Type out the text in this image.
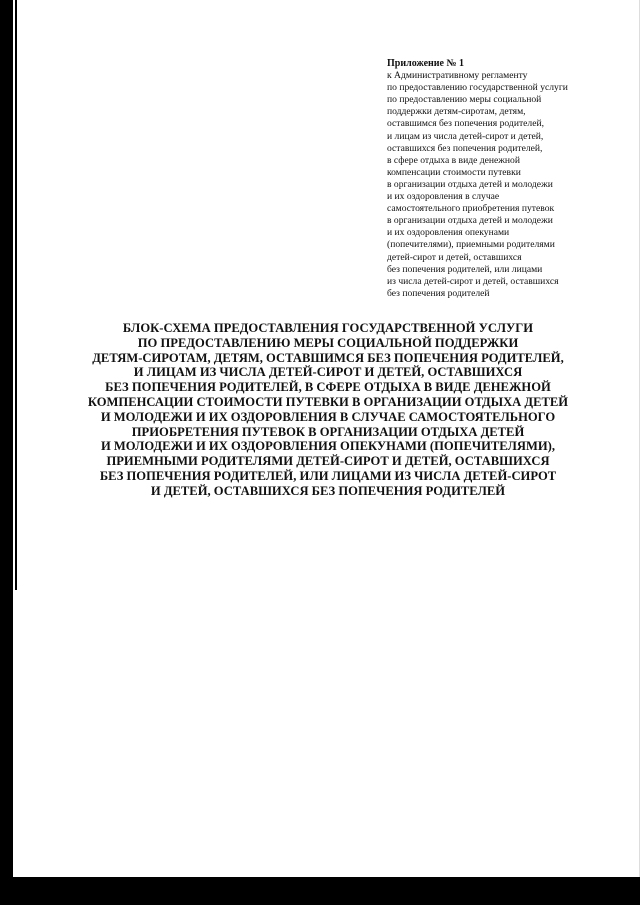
Приложение № 1
к Административному регламенту
по предоставлению государственной услуги
по предоставлению меры социальной
поддержки детям-сиротам, детям,
оставшимся без попечения родителей,
и лицам из числа детей-сирот и детей,
оставшихся без попечения родителей,
в сфере отдыха в виде денежной
компенсации стоимости путевки
в организации отдыха детей и молодежи
и их оздоровления в случае
самостоятельного приобретения путевок
в организации отдыха детей и молодежи
и их оздоровления опекунами
(попечителями), приемными родителями
детей-сирот и детей, оставшихся
без попечения родителей, или лицами
из числа детей-сирот и детей, оставшихся
без попечения родителей
БЛОК-СХЕМА ПРЕДОСТАВЛЕНИЯ ГОСУДАРСТВЕННОЙ УСЛУГИ
ПО ПРЕДОСТАВЛЕНИЮ МЕРЫ СОЦИАЛЬНОЙ ПОДДЕРЖКИ
ДЕТЯМ-СИРОТАМ, ДЕТЯМ, ОСТАВШИМСЯ БЕЗ ПОПЕЧЕНИЯ РОДИТЕЛЕЙ,
И ЛИЦАМ ИЗ ЧИСЛА ДЕТЕЙ-СИРОТ И ДЕТЕЙ, ОСТАВШИХСЯ
БЕЗ ПОПЕЧЕНИЯ РОДИТЕЛЕЙ, В СФЕРЕ ОТДЫХА В ВИДЕ ДЕНЕЖНОЙ
КОМПЕНСАЦИИ СТОИМОСТИ ПУТЕВКИ В ОРГАНИЗАЦИИ ОТДЫХА ДЕТЕЙ
И МОЛОДЕЖИ И ИХ ОЗДОРОВЛЕНИЯ В СЛУЧАЕ САМОСТОЯТЕЛЬНОГО
ПРИОБРЕТЕНИЯ ПУТЕВОК В ОРГАНИЗАЦИИ ОТДЫХА ДЕТЕЙ
И МОЛОДЕЖИ И ИХ ОЗДОРОВЛЕНИЯ ОПЕКУНАМИ (ПОПЕЧИТЕЛЯМИ),
ПРИЕМНЫМИ РОДИТЕЛЯМИ ДЕТЕЙ-СИРОТ И ДЕТЕЙ, ОСТАВШИХСЯ
БЕЗ ПОПЕЧЕНИЯ РОДИТЕЛЕЙ, ИЛИ ЛИЦАМИ ИЗ ЧИСЛА ДЕТЕЙ-СИРОТ
И ДЕТЕЙ, ОСТАВШИХСЯ БЕЗ ПОПЕЧЕНИЯ РОДИТЕЛЕЙ
